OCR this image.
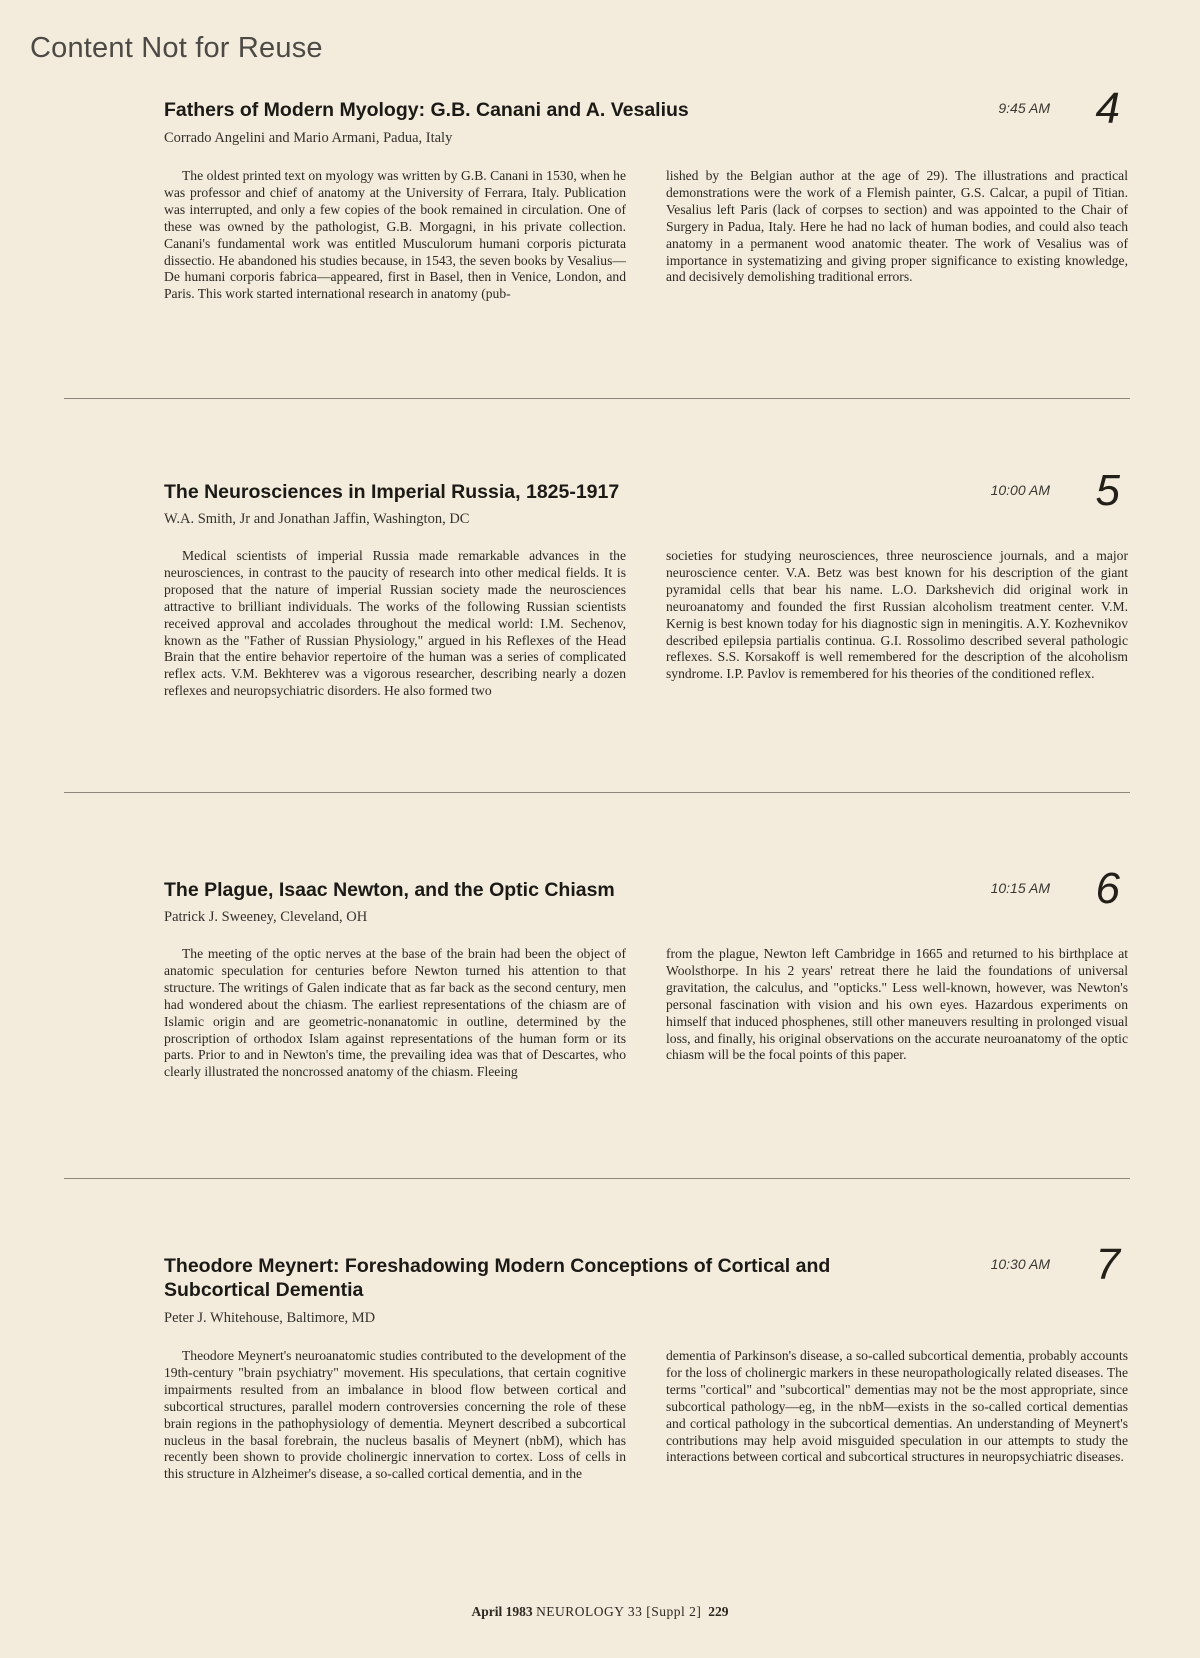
Content Not for Reuse
Fathers of Modern Myology: G.B. Canani and A. Vesalius	9:45 AM 4
Corrado Angelini and Mario Armani, Padua, Italy

The oldest printed text on myology was written by G.B. Canani in 1530, when he was professor and chief of anatomy at the University of Ferrara, Italy. Publication was interrupted, and only a few copies of the book remained in circulation. One of these was owned by the pathologist, G.B. Morgagni, in his private collection. Canani's fundamental work was entitled Musculorum humani corporis picturata dissectio. He abandoned his studies because, in 1543, the seven books by Vesalius—De humani corporis fabrica—appeared, first in Basel, then in Venice, London, and Paris. This work started international research in anatomy (pub-

lished by the Belgian author at the age of 29). The illustrations and practical demonstrations were the work of a Flemish painter, G.S. Calcar, a pupil of Titian. Vesalius left Paris (lack of corpses to section) and was appointed to the Chair of Surgery in Padua, Italy. Here he had no lack of human bodies, and could also teach anatomy in a permanent wood anatomic theater. The work of Vesalius was of importance in systematizing and giving proper significance to existing knowledge, and decisively demolishing traditional errors.

The Neurosciences in Imperial Russia, 1825-1917	10:00 AM 5
W.A. Smith, Jr and Jonathan Jaffin, Washington, DC

Medical scientists of imperial Russia made remarkable advances in the neurosciences, in contrast to the paucity of research into other medical fields. It is proposed that the nature of imperial Russian society made the neurosciences attractive to brilliant individuals. The works of the following Russian scientists received approval and accolades throughout the medical world: I.M. Sechenov, known as the "Father of Russian Physiology," argued in his Reflexes of the Head Brain that the entire behavior repertoire of the human was a series of complicated reflex acts. V.M. Bekhterev was a vigorous researcher, describing nearly a dozen reflexes and neuropsychiatric disorders. He also formed two

societies for studying neurosciences, three neuroscience journals, and a major neuroscience center. V.A. Betz was best known for his description of the giant pyramidal cells that bear his name. L.O. Darkshevich did original work in neuroanatomy and founded the first Russian alcoholism treatment center. V.M. Kernig is best known today for his diagnostic sign in meningitis. A.Y. Kozhevnikov described epilepsia partialis continua. G.I. Rossolimo described several pathologic reflexes. S.S. Korsakoff is well remembered for the description of the alcoholism syndrome. I.P. Pavlov is remembered for his theories of the conditioned reflex.

The Plague, Isaac Newton, and the Optic Chiasm	10:15 AM 6
Patrick J. Sweeney, Cleveland, OH

The meeting of the optic nerves at the base of the brain had been the object of anatomic speculation for centuries before Newton turned his attention to that structure. The writings of Galen indicate that as far back as the second century, men had wondered about the chiasm. The earliest representations of the chiasm are of Islamic origin and are geometric-nonanatomic in outline, determined by the proscription of orthodox Islam against representations of the human form or its parts. Prior to and in Newton's time, the prevailing idea was that of Descartes, who clearly illustrated the noncrossed anatomy of the chiasm. Fleeing

from the plague, Newton left Cambridge in 1665 and returned to his birthplace at Woolsthorpe. In his 2 years' retreat there he laid the foundations of universal gravitation, the calculus, and "opticks." Less well-known, however, was Newton's personal fascination with vision and his own eyes. Hazardous experiments on himself that induced phosphenes, still other maneuvers resulting in prolonged visual loss, and finally, his original observations on the accurate neuroanatomy of the optic chiasm will be the focal points of this paper.

Theodore Meynert: Foreshadowing Modern Conceptions of Cortical and Subcortical Dementia
10:30 AM 7
Peter J. Whitehouse, Baltimore, MD

Theodore Meynert's neuroanatomic studies contributed to the development of the 19th-century "brain psychiatry" movement. His speculations, that certain cognitive impairments resulted from an imbalance in blood flow between cortical and subcortical structures, parallel modern controversies concerning the role of these brain regions in the pathophysiology of dementia. Meynert described a subcortical nucleus in the basal forebrain, the nucleus basalis of Meynert (nbM), which has recently been shown to provide cholinergic innervation to cortex. Loss of cells in this structure in Alzheimer's disease, a so-called cortical dementia, and in the

dementia of Parkinson's disease, a so-called subcortical dementia, probably accounts for the loss of cholinergic markers in these neuropathologically related diseases. The terms "cortical" and "subcortical" dementias may not be the most appropriate, since subcortical pathology—eg, in the nbM—exists in the so-called cortical dementias and cortical pathology in the subcortical dementias. An understanding of Meynert's contributions may help avoid misguided speculation in our attempts to study the interactions between cortical and subcortical structures in neuropsychiatric diseases.

April 1983 NEUROLOGY 33 [Suppl 2] 229
